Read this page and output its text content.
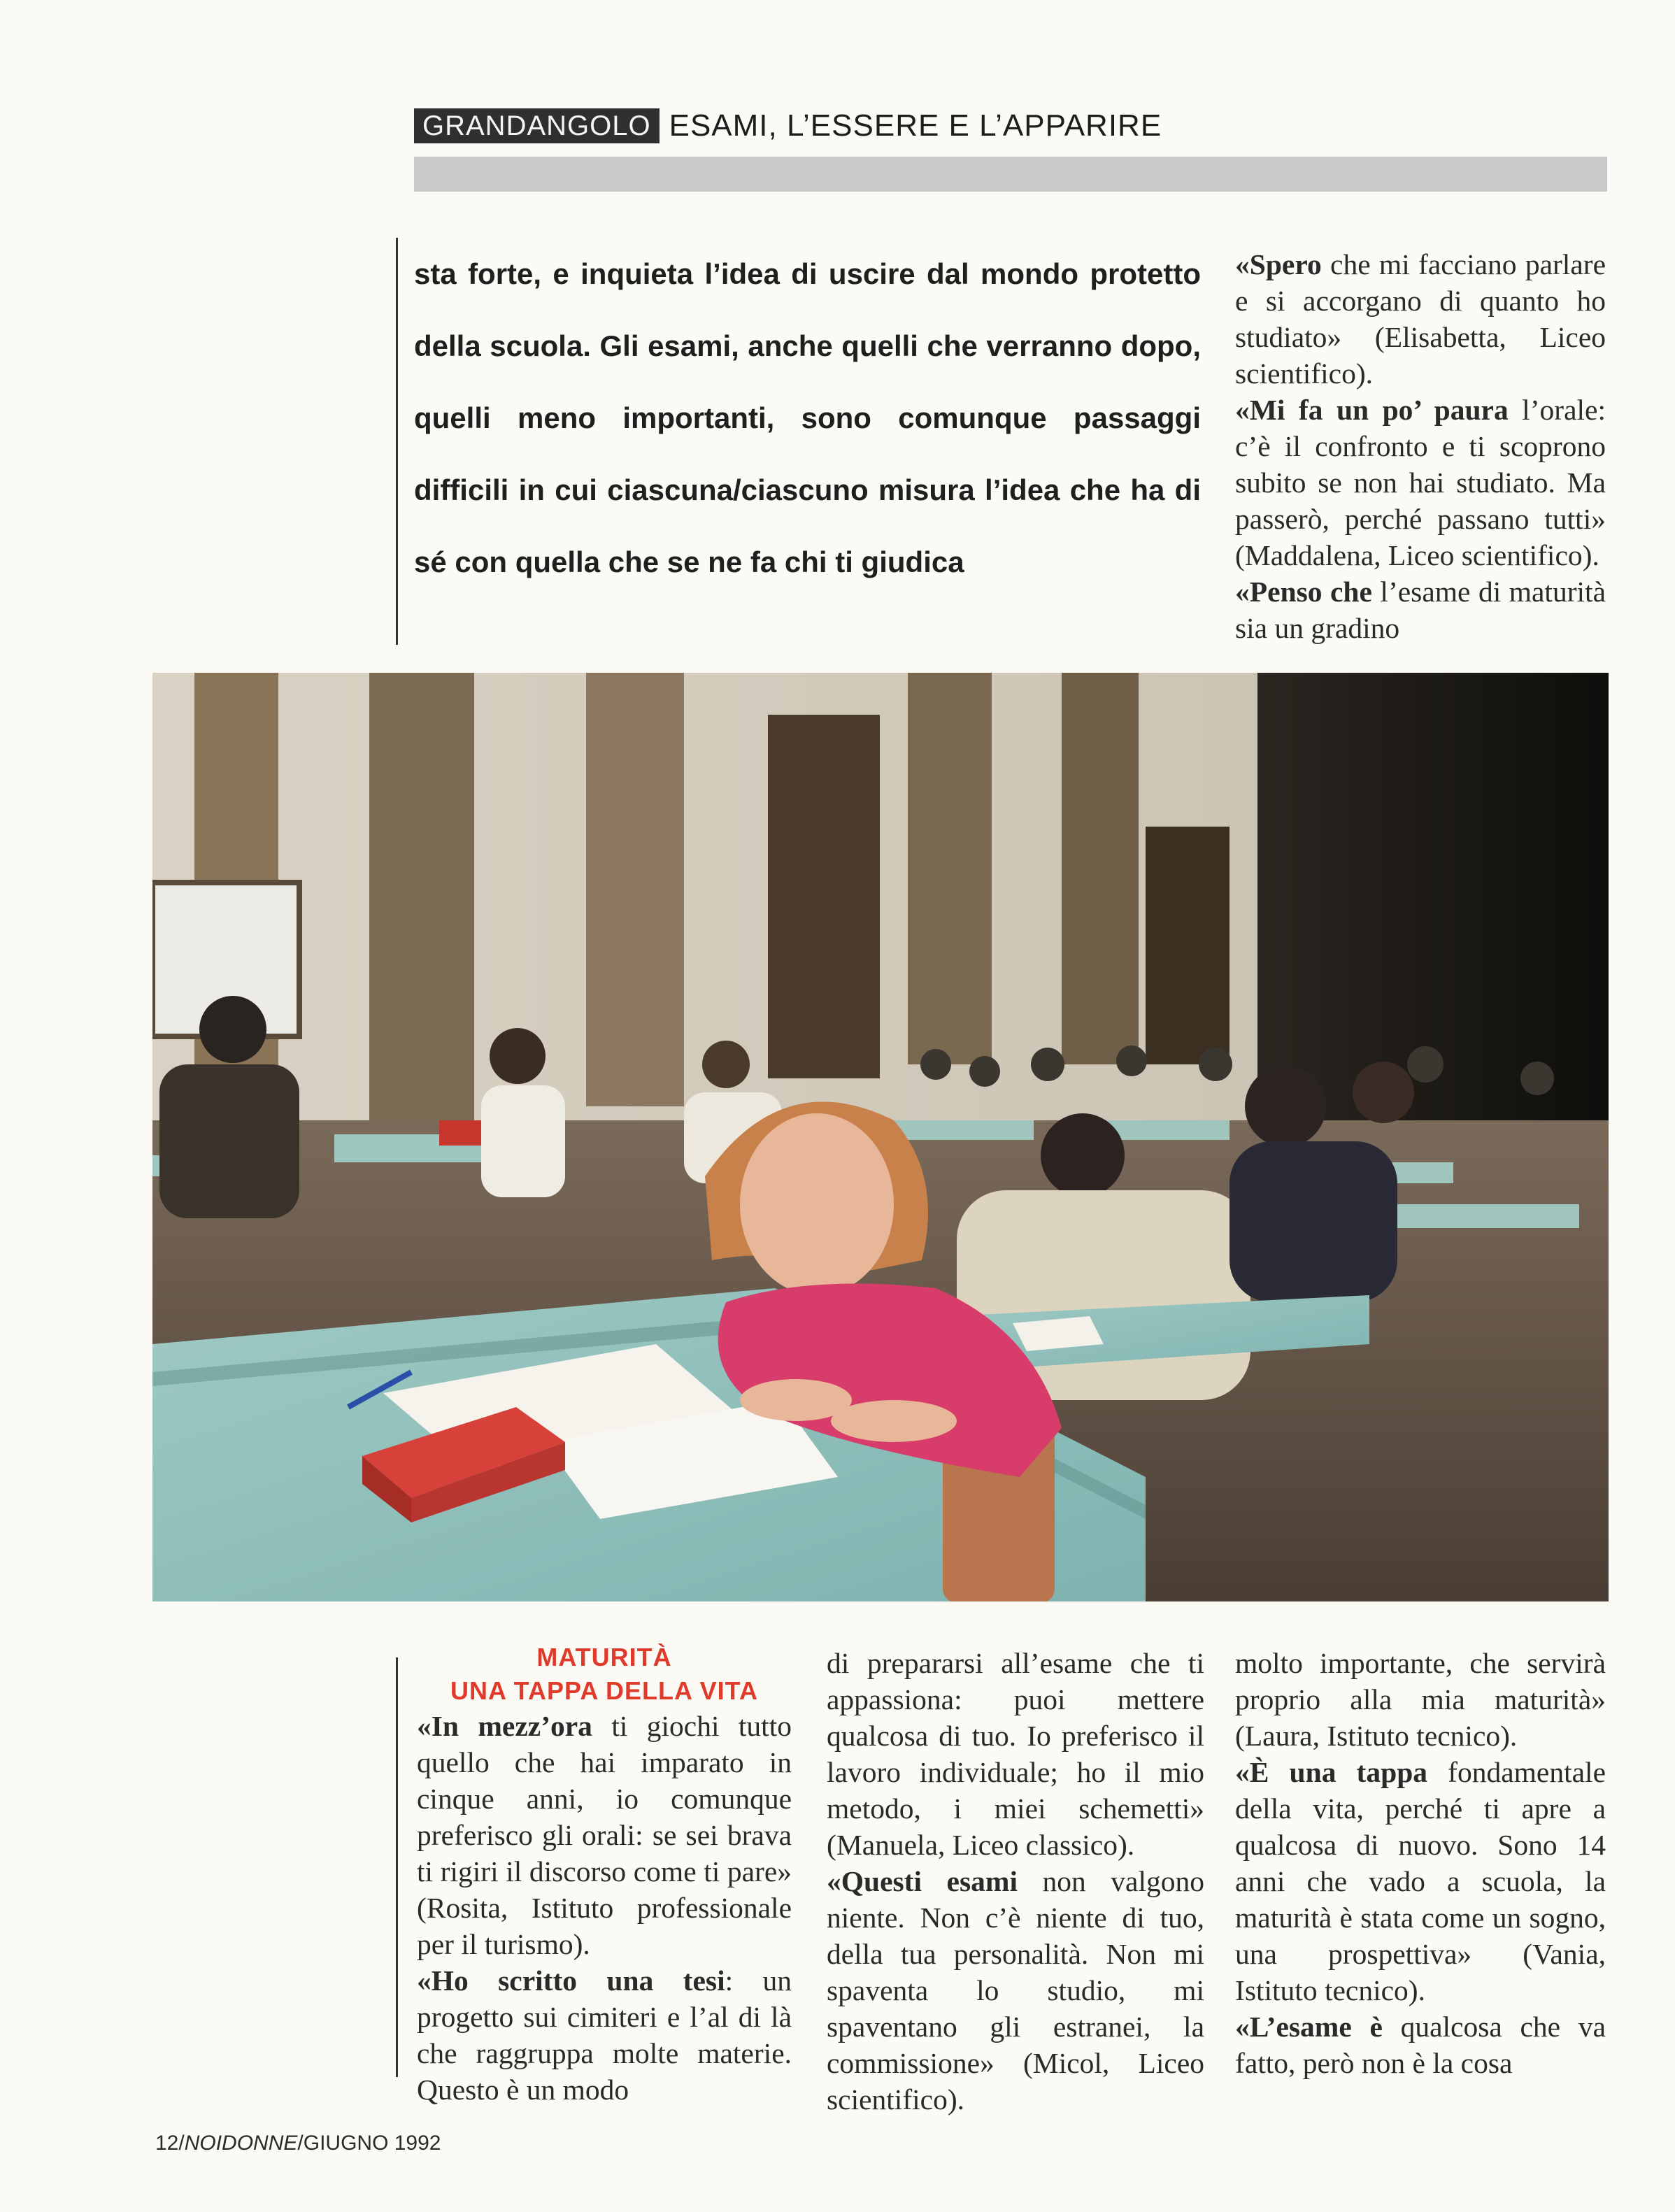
GRANDANGOLO ESAMI, L’ESSERE E L’APPARIRE
sta forte, e inquieta l’idea di uscire dal mondo protetto della scuola. Gli esami, anche quelli che verranno dopo, quelli meno importanti, sono comunque passaggi difficili in cui ciascuna/ciascuno misura l’idea che ha di sé con quella che se ne fa chi ti giudica

«Spero che mi facciano parlare e si accorgano di quanto ho studiato» (Elisabetta, Liceo scientifico).

«Mi fa un po’ paura l’orale: c’è il confronto e ti scoprono subito se non hai studiato. Ma passerò, perché passano tutti» (Maddalena, Liceo scientifico).

«Penso che l’esame di maturità sia un gradino

MATURITÀ
UNA TAPPA DELLA VITA

«In mezz’ora ti giochi tutto quello che hai imparato in cinque anni, io comunque preferisco gli orali: se sei brava ti rigiri il discorso come ti pare» (Rosita, Istituto professionale per il turismo).

«Ho scritto una tesi: un progetto sui cimiteri e l’al di là che raggruppa molte materie. Questo è un modo

di prepararsi all’esame che ti appassiona: puoi mettere qualcosa di tuo. Io preferisco il lavoro individuale; ho il mio metodo, i miei schemetti» (Manuela, Liceo classico).

«Questi esami non valgono niente. Non c’è niente di tuo, della tua personalità. Non mi spaventa lo studio, mi spaventano gli estranei, la commissione» (Micol, Liceo scientifico).

molto importante, che servirà proprio alla mia maturità» (Laura, Istituto tecnico).

«È una tappa fondamentale della vita, perché ti apre a qualcosa di nuovo. Sono 14 anni che vado a scuola, la maturità è stata come un sogno, una prospettiva» (Vania, Istituto tecnico).

«L’esame è qualcosa che va fatto, però non è la cosa

12/NOIDONNE/GIUGNO 1992
